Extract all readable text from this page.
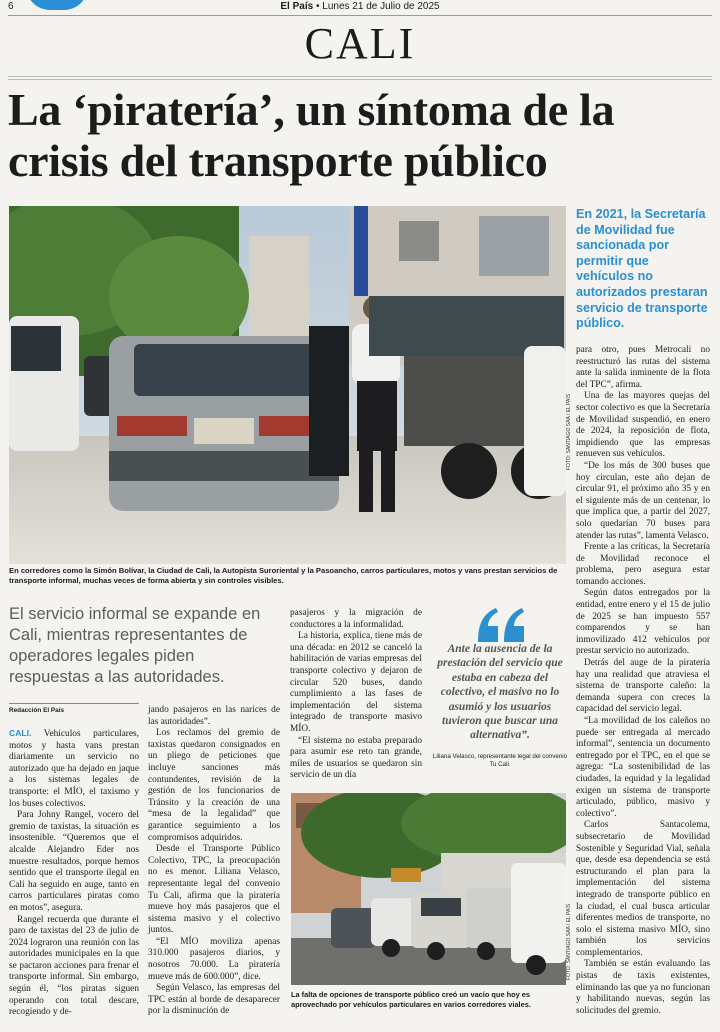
6	El País • Lunes 21 de Julio de 2025
CALI
La ‘piratería’, un síntoma de la crisis del transporte público
FOTO: SANTIAGO SAA / EL PAÍS
En 2021, la Secretaría de Movilidad fue sancionada por permitir que vehículos no autorizados prestaran servicio de transporte público.
En corredores como la Simón Bolívar, la Ciudad de Cali, la Autopista Suroriental y la Pasoancho, carros particulares, motos y vans prestan servicios de transporte informal, muchas veces de forma abierta y sin controles visibles.
El servicio informal se expande en Cali, mientras representantes de operadores legales piden respuestas a las autoridades.
Redacción El País

CALI. Vehículos particulares, motos y hasta vans prestan diariamente un servicio no autorizado que ha dejado en jaque a los sistemas legales de transporte: el MÍO, el taxismo y los buses colectivos.

Para Johny Rangel, vocero del gremio de taxistas, la situación es insostenible. “Queremos que el alcalde Alejandro Eder nos muestre resultados, porque hemos sentido que el transporte ilegal en Cali ha seguido en auge, tanto en carros particulares piratas como en motos”, asegura.

Rangel recuerda que durante el paro de taxistas del 23 de julio de 2024 lograron una reunión con las autoridades municipales en la que se pactaron acciones para frenar el transporte informal. Sin embargo, según él, “los piratas siguen operando con total descare, recogiendo y de-

jando pasajeros en las narices de las autoridades”.

Los reclamos del gremio de taxistas quedaron consignados en un pliego de peticiones que incluye sanciones más contundentes, revisión de la gestión de los funcionarios de Tránsito y la creación de una “mesa de la legalidad” que garantice seguimiento a los compromisos adquiridos.

Desde el Transporte Público Colectivo, TPC, la preocupación no es menor. Liliana Velasco, representante legal del convenio Tu Cali, afirma que la piratería mueve hoy más pasajeros que el sistema masivo y el colectivo juntos.

“El MÍO moviliza apenas 310.000 pasajeros diarios, y nosotros 70.000. La piratería mueve más de 600.000”, dice.

Según Velasco, las empresas del TPC están al borde de desaparecer por la disminución de

pasajeros y la migración de conductores a la informalidad.

La historia, explica, tiene más de una década: en 2012 se canceló la habilitación de varias empresas del transporte colectivo y dejaron de circular 520 buses, dando cumplimiento a las fases de implementación del sistema integrado de transporte masivo MÍO.

“El sistema no estaba preparado para asumir ese reto tan grande, miles de usuarios se quedaron sin servicio de un día

Ante la ausencia de la prestación del servicio que estaba en cabeza del colectivo, el masivo no lo asumió y los usuarios tuvieron que buscar una alternativa”.
Liliana Velasco, representante legal del convenio Tu Cali.
FOTO: SANTIAGO SAA / EL PAÍS
La falta de opciones de transporte público creó un vacío que hoy es aprovechado por vehículos particulares en varios corredores viales.

para otro, pues Metrocali no reestructuró las rutas del sistema ante la salida inminente de la flota del TPC”, afirma.

Una de las mayores quejas del sector colectivo es que la Secretaría de Movilidad suspendió, en enero de 2024, la reposición de flota, impidiendo que las empresas renueven sus vehículos.

“De los más de 300 buses que hoy circulan, este año dejan de circular 91, el próximo año 35 y en el siguiente más de un centenar, lo que implica que, a partir del 2027, solo quedarían 70 buses para atender las rutas”, lamenta Velasco.

Frente a las críticas, la Secretaría de Movilidad reconoce el problema, pero asegura estar tomando acciones.

Según datos entregados por la entidad, entre enero y el 15 de julio de 2025 se han impuesto 557 comparendos y se han inmovilizado 412 vehículos por prestar servicio no autorizado.

Detrás del auge de la piratería hay una realidad que atraviesa el sistema de transporte caleño: la demanda supera con creces la capacidad del servicio legal.

“La movilidad de los caleños no puede ser entregada al mercado informal”, sentencia un documento entregado por el TPC, en el que se agrega: “La sostenibilidad de las ciudades, la equidad y la legalidad exigen un sistema de transporte articulado, público, masivo y colectivo”.

Carlos Santacolema, subsecretario de Movilidad Sostenible y Seguridad Vial, señala que, desde esa dependencia se está estructurando el plan para la implementación del sistema integrado de transporte público en la ciudad, el cual busca articular diferentes medios de transporte, no solo el sistema masivo MÍO, sino también los servicios complementarios.

También se están evaluando las pistas de taxis existentes, eliminando las que ya no funcionan y habilitando nuevas, según las solicitudes del gremio.
